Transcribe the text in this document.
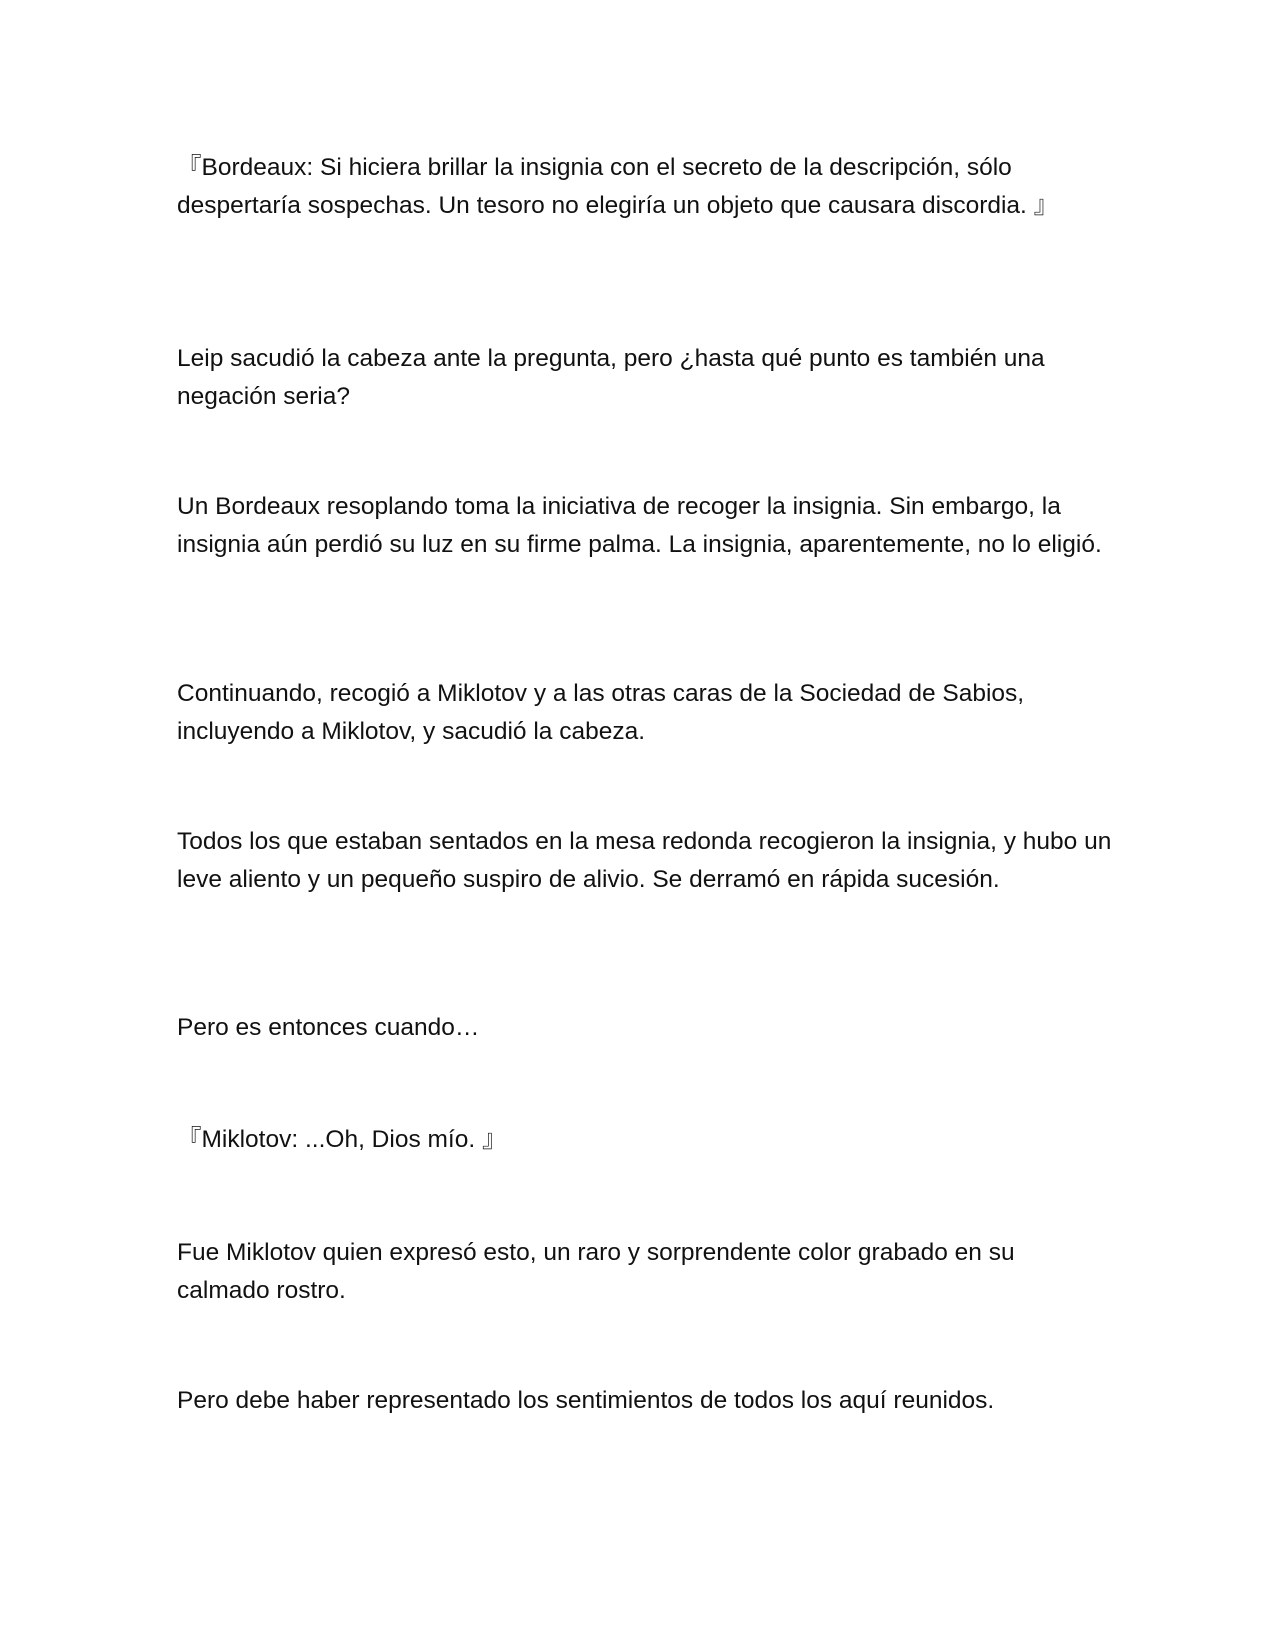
『Bordeaux: Si hiciera brillar la insignia con el secreto de la descripción, sólo despertaría sospechas. Un tesoro no elegiría un objeto que causara discordia. 』

Leip sacudió la cabeza ante la pregunta, pero ¿hasta qué punto es también una negación seria?

Un Bordeaux resoplando toma la iniciativa de recoger la insignia. Sin embargo, la insignia aún perdió su luz en su firme palma. La insignia, aparentemente, no lo eligió.

Continuando, recogió a Miklotov y a las otras caras de la Sociedad de Sabios, incluyendo a Miklotov, y sacudió la cabeza.

Todos los que estaban sentados en la mesa redonda recogieron la insignia, y hubo un leve aliento y un pequeño suspiro de alivio. Se derramó en rápida sucesión.

Pero es entonces cuando…

『Miklotov: ...Oh, Dios mío. 』

Fue Miklotov quien expresó esto, un raro y sorprendente color grabado en su calmado rostro.

Pero debe haber representado los sentimientos de todos los aquí reunidos.
